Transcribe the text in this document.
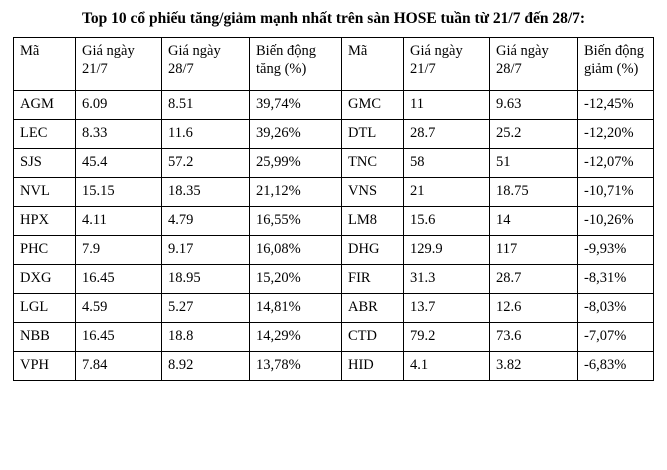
Top 10 cổ phiếu tăng/giảm mạnh nhất trên sàn HOSE tuần từ 21/7 đến 28/7:
Mã	Giá ngày 21/7	Giá ngày 28/7	Biến động tăng (%)	Mã	Giá ngày 21/7	Giá ngày 28/7	Biến động giảm (%)
AGM	6.09	8.51	39,74%	GMC	11	9.63	-12,45%
LEC	8.33	11.6	39,26%	DTL	28.7	25.2	-12,20%
SJS	45.4	57.2	25,99%	TNC	58	51	-12,07%
NVL	15.15	18.35	21,12%	VNS	21	18.75	-10,71%
HPX	4.11	4.79	16,55%	LM8	15.6	14	-10,26%
PHC	7.9	9.17	16,08%	DHG	129.9	117	-9,93%
DXG	16.45	18.95	15,20%	FIR	31.3	28.7	-8,31%
LGL	4.59	5.27	14,81%	ABR	13.7	12.6	-8,03%
NBB	16.45	18.8	14,29%	CTD	79.2	73.6	-7,07%
VPH	7.84	8.92	13,78%	HID	4.1	3.82	-6,83%
